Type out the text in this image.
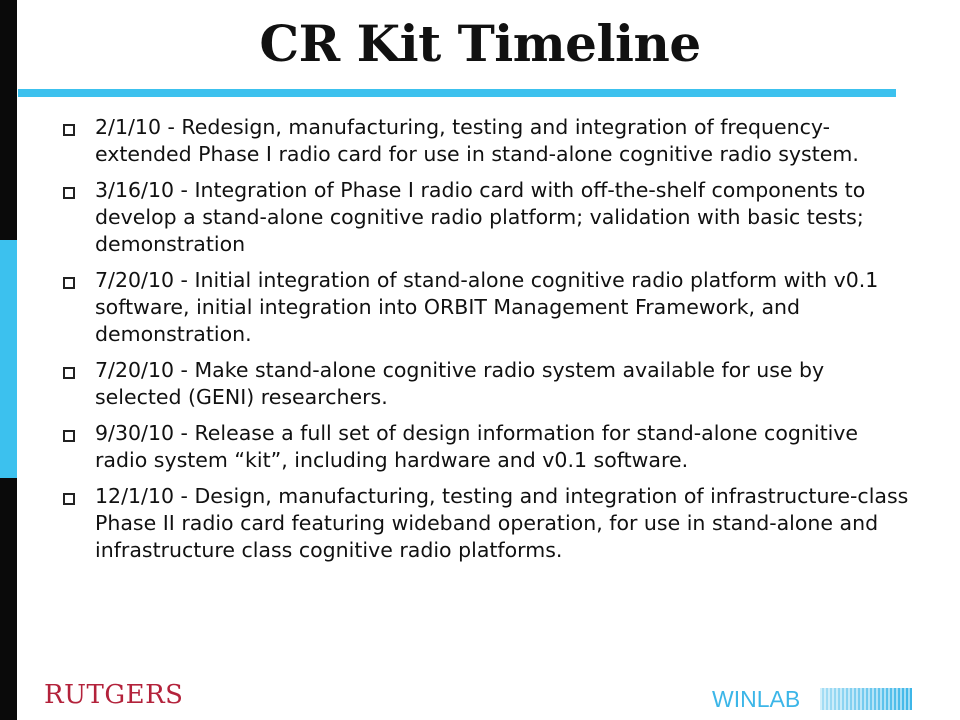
CR Kit Timeline
2/1/10 - Redesign, manufacturing, testing and integration of frequency-extended Phase I radio card for use in stand-alone cognitive radio system.
3/16/10 - Integration of Phase I radio card with off-the-shelf components to develop a stand-alone cognitive radio platform; validation with basic tests; demonstration
7/20/10 - Initial integration of stand-alone cognitive radio platform with v0.1 software, initial integration into ORBIT Management Framework, and demonstration.
7/20/10 - Make stand-alone cognitive radio system available for use by selected (GENI) researchers.
9/30/10 - Release a full set of design information for stand-alone cognitive radio system “kit”, including hardware and v0.1 software.
12/1/10 - Design, manufacturing, testing and integration of infrastructure-class Phase II radio card featuring wideband operation, for use in stand-alone and infrastructure class cognitive radio platforms.
RUTGERS	WINLAB
